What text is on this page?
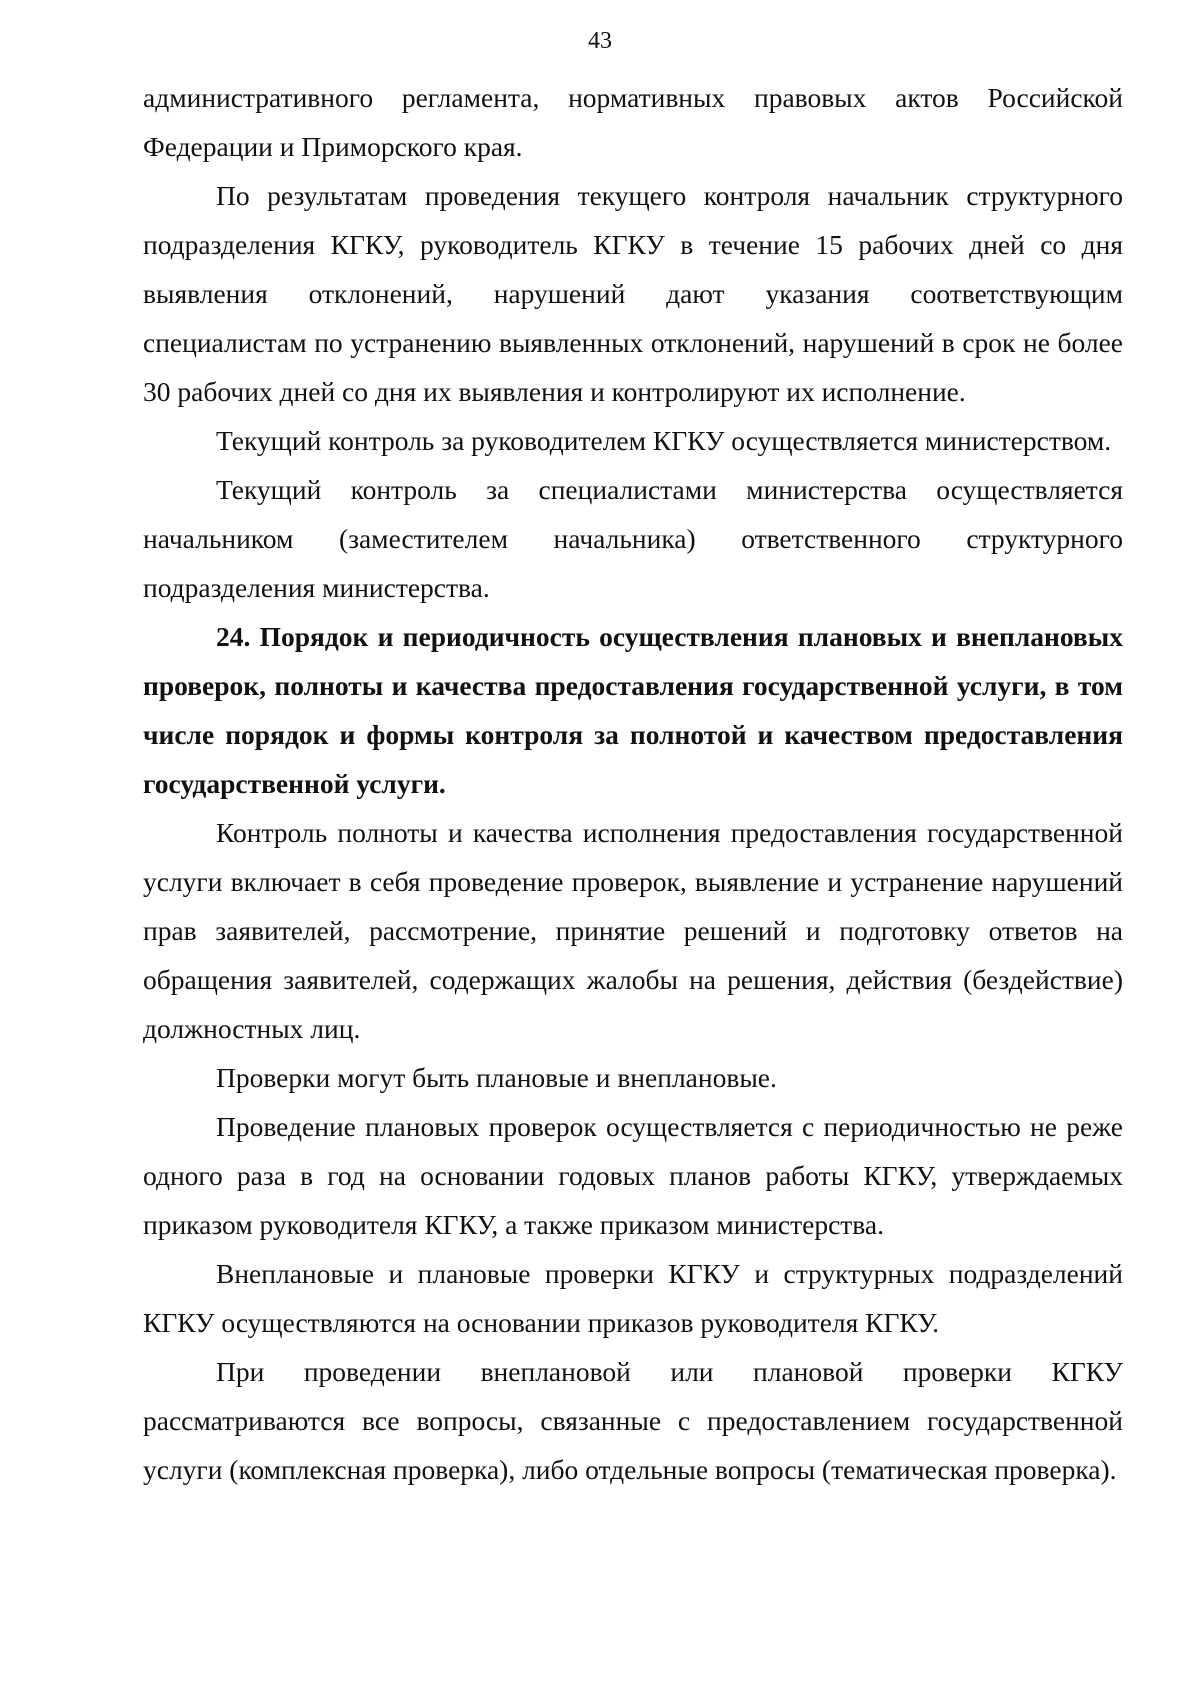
43

административного регламента, нормативных правовых актов Российской Федерации и Приморского края.

По результатам проведения текущего контроля начальник структурного подразделения КГКУ, руководитель КГКУ в течение 15 рабочих дней со дня выявления отклонений, нарушений дают указания соответствующим специалистам по устранению выявленных отклонений, нарушений в срок не более 30 рабочих дней со дня их выявления и контролируют их исполнение.

Текущий контроль за руководителем КГКУ осуществляется министерством.

Текущий контроль за специалистами министерства осуществляется начальником (заместителем начальника) ответственного структурного подразделения министерства.

24. Порядок и периодичность осуществления плановых и внеплановых проверок, полноты и качества предоставления государственной услуги, в том числе порядок и формы контроля за полнотой и качеством предоставления государственной услуги.

Контроль полноты и качества исполнения предоставления государственной услуги включает в себя проведение проверок, выявление и устранение нарушений прав заявителей, рассмотрение, принятие решений и подготовку ответов на обращения заявителей, содержащих жалобы на решения, действия (бездействие) должностных лиц.

Проверки могут быть плановые и внеплановые.

Проведение плановых проверок осуществляется с периодичностью не реже одного раза в год на основании годовых планов работы КГКУ, утверждаемых приказом руководителя КГКУ, а также приказом министерства.

Внеплановые и плановые проверки КГКУ и структурных подразделений КГКУ осуществляются на основании приказов руководителя КГКУ.

При проведении внеплановой или плановой проверки КГКУ рассматриваются все вопросы, связанные с предоставлением государственной услуги (комплексная проверка), либо отдельные вопросы (тематическая проверка).
